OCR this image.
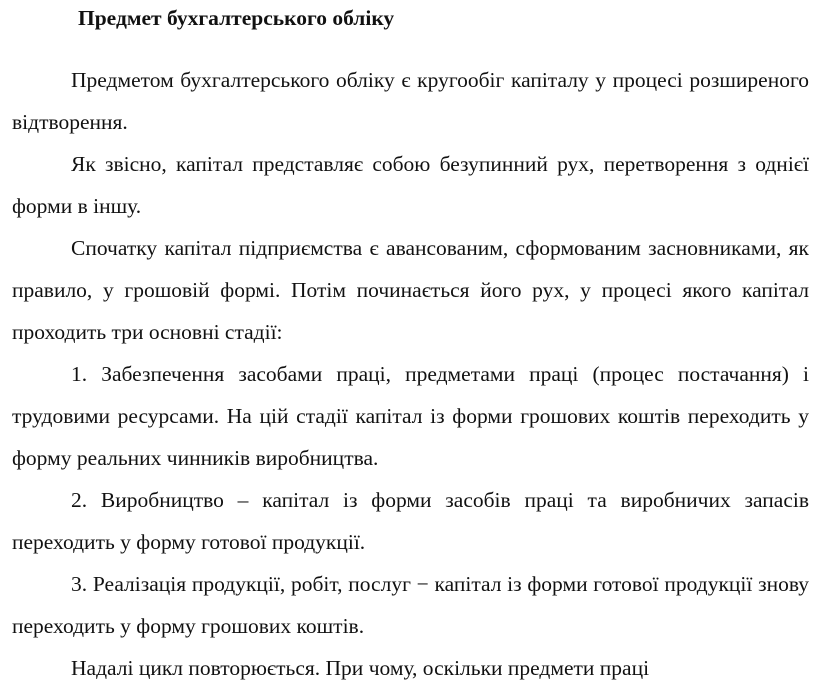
Предмет бухгалтерського обліку

Предметом бухгалтерського обліку є кругообіг капіталу у процесі розширеного відтворення.

Як звісно, капітал представляє собою безупинний рух, перетворення з однієї форми в іншу.

Спочатку капітал підприємства є авансованим, сформованим засновниками, як правило, у грошовій формі. Потім починається його рух, у процесі якого капітал проходить три основні стадії:

1. Забезпечення засобами праці, предметами праці (процес постачання) і трудовими ресурсами. На цій стадії капітал із форми грошових коштів переходить у форму реальних чинників виробництва.

2. Виробництво – капітал із форми засобів праці та виробничих запасів переходить у форму готової продукції.

3. Реалізація продукції, робіт, послуг − капітал із форми готової продукції знову переходить у форму грошових коштів.

Надалі цикл повторюється. При чому, оскільки предмети праці
